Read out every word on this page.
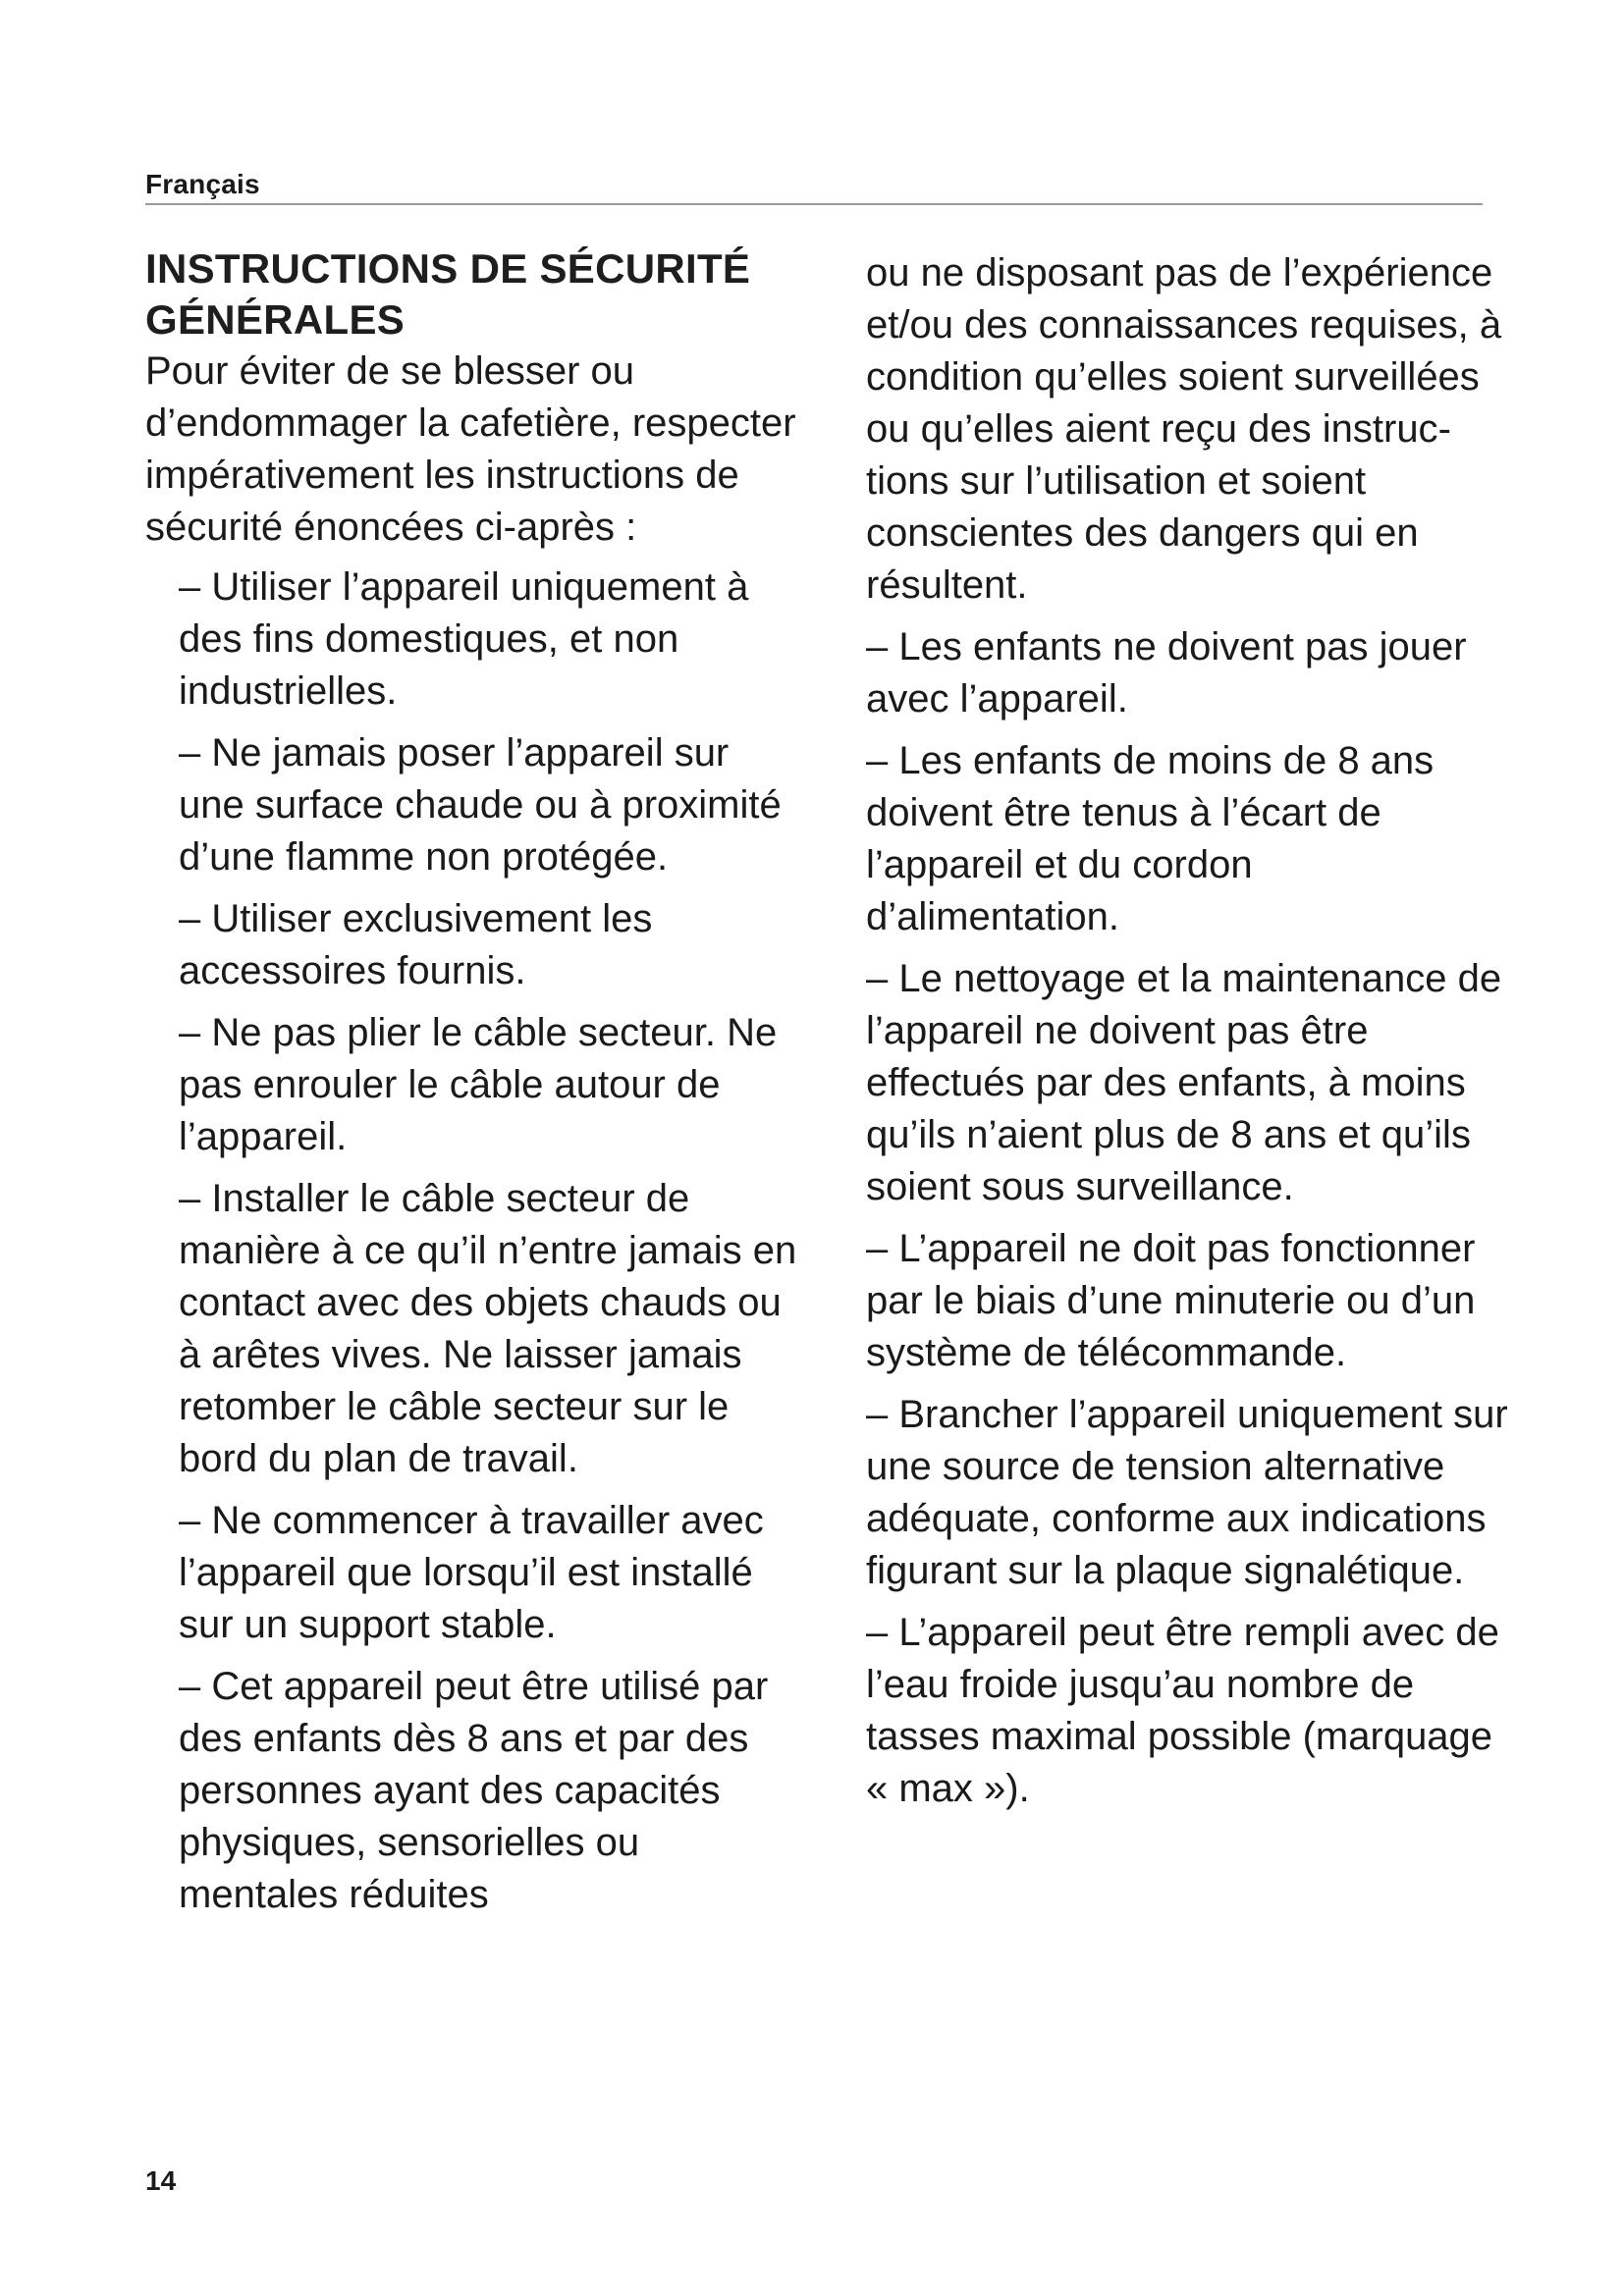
Français
INSTRUCTIONS DE SÉCURITÉ
GÉNÉRALES

Pour éviter de se blesser ou d’endommager la cafetière, respecter impérativement les instructions de sécurité énoncées ci-après :

– Utiliser l’appareil uniquement à des fins domestiques, et non industrielles.
– Ne jamais poser l’appareil sur une surface chaude ou à proximité d’une flamme non protégée.
– Utiliser exclusivement les accessoires fournis.
– Ne pas plier le câble secteur. Ne pas enrouler le câble autour de l’appareil.
– Installer le câble secteur de manière à ce qu’il n’entre jamais en contact avec des objets chauds ou à arêtes vives. Ne laisser jamais retomber le câble secteur sur le bord du plan de travail.
– Ne commencer à travailler avec l’appareil que lorsqu’il est installé sur un support stable.
– Cet appareil peut être utilisé par des enfants dès 8 ans et par des personnes ayant des capacités physiques, sensorielles ou mentales réduites

ou ne disposant pas de l’expérience et/ou des connaissances requises, à condition qu’elles soient surveillées ou qu’elles aient reçu des instructions sur l’utilisation et soient conscientes des dangers qui en résultent.

– Les enfants ne doivent pas jouer avec l’appareil.
– Les enfants de moins de 8 ans doivent être tenus à l’écart de l’appareil et du cordon d’alimentation.
– Le nettoyage et la maintenance de l’appareil ne doivent pas être effectués par des enfants, à moins qu’ils n’aient plus de 8 ans et qu’ils soient sous surveillance.
– L’appareil ne doit pas fonctionner par le biais d’une minuterie ou d’un système de télécommande.
– Brancher l’appareil uniquement sur une source de tension alternative adéquate, conforme aux indications figurant sur la plaque signalétique.
– L’appareil peut être rempli avec de l’eau froide jusqu’au nombre de tasses maximal possible (marquage « max »).
14
